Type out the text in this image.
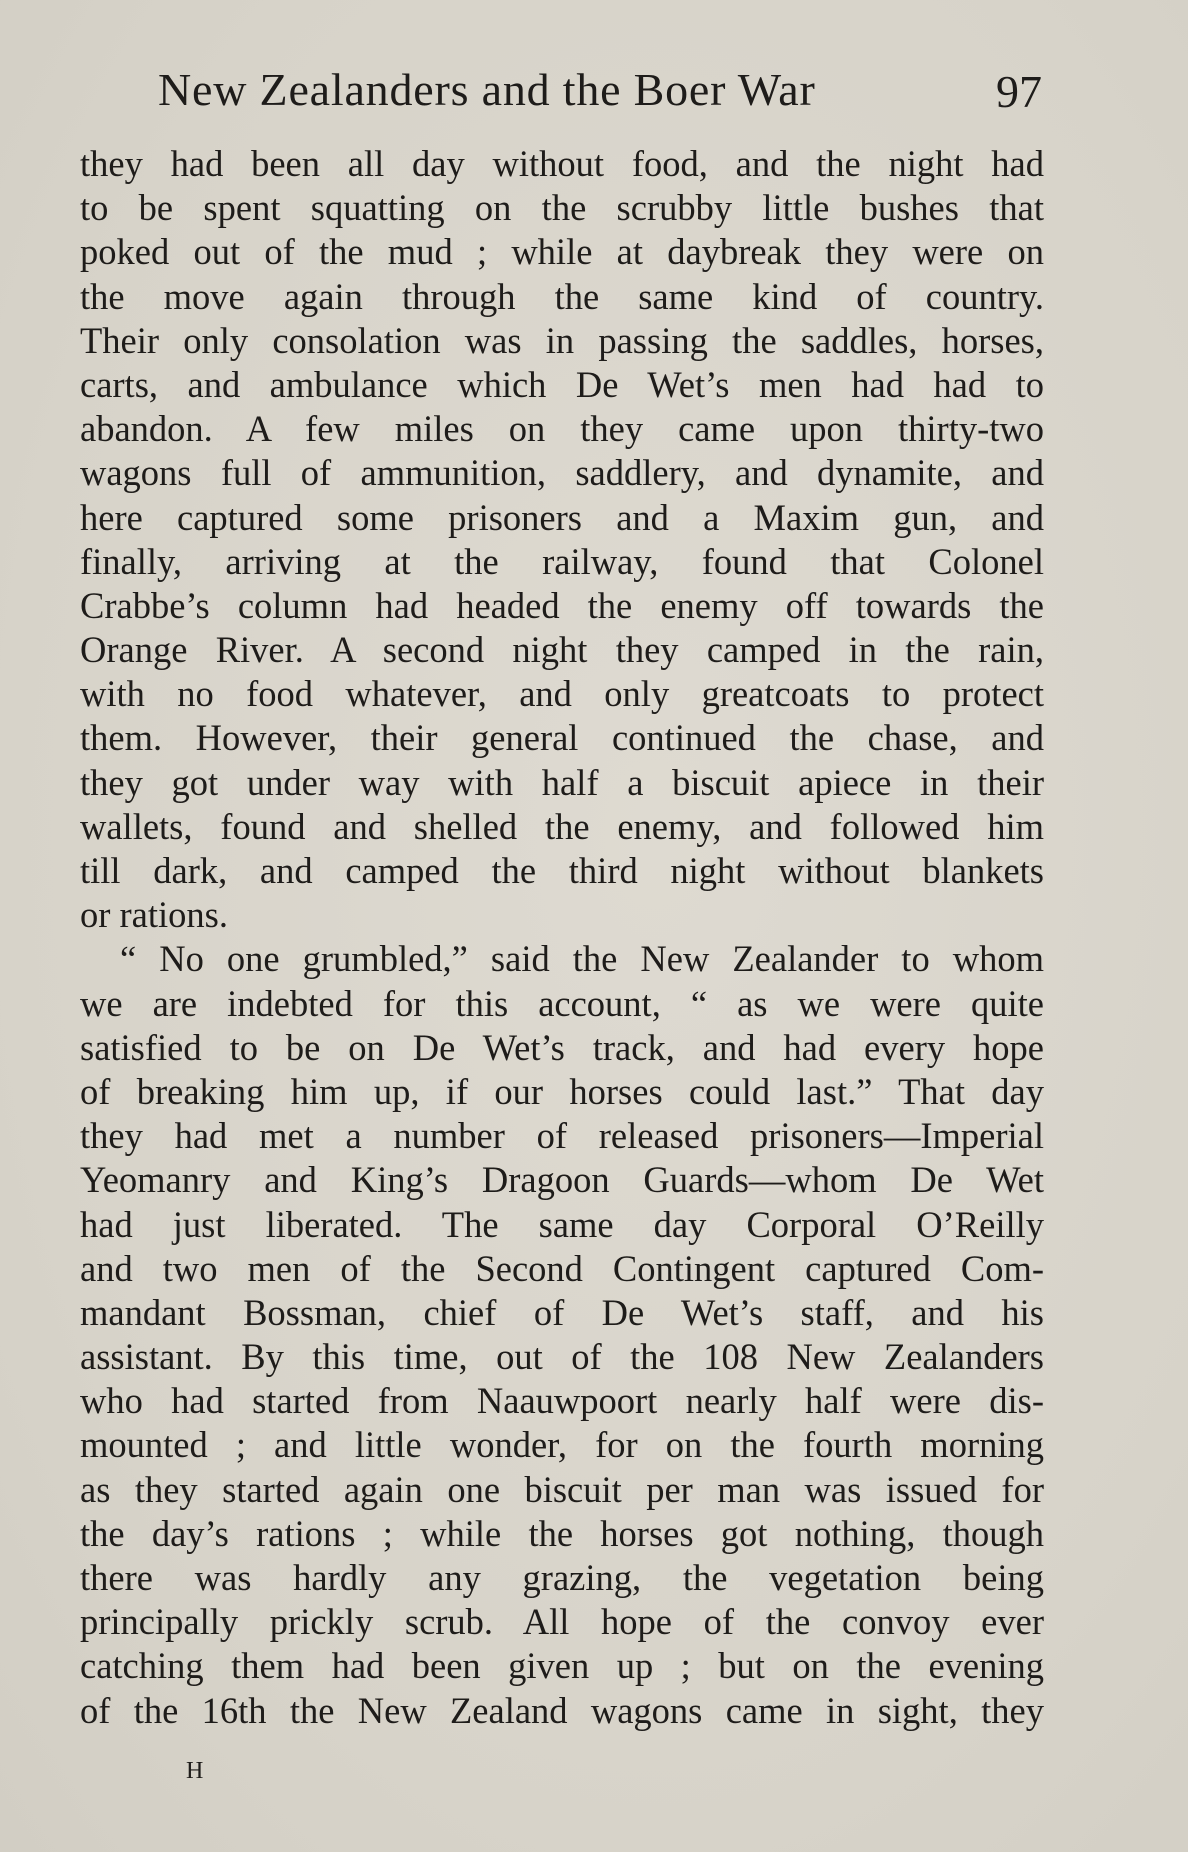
New Zealanders and the Boer War	97
they had been all day without food, and the night had
to be spent squatting on the scrubby little bushes that
poked out of the mud ; while at daybreak they were on
the move again through the same kind of country.
Their only consolation was in passing the saddles, horses,
carts, and ambulance which De Wet’s men had had to
abandon. A few miles on they came upon thirty-two
wagons full of ammunition, saddlery, and dynamite, and
here captured some prisoners and a Maxim gun, and
finally, arriving at the railway, found that Colonel
Crabbe’s column had headed the enemy off towards the
Orange River. A second night they camped in the rain,
with no food whatever, and only greatcoats to protect
them. However, their general continued the chase, and
they got under way with half a biscuit apiece in their
wallets, found and shelled the enemy, and followed him
till dark, and camped the third night without blankets
or rations.
“ No one grumbled,” said the New Zealander to whom
we are indebted for this account, “ as we were quite
satisfied to be on De Wet’s track, and had every hope
of breaking him up, if our horses could last.” That day
they had met a number of released prisoners—Imperial
Yeomanry and King’s Dragoon Guards—whom De Wet
had just liberated. The same day Corporal O’Reilly
and two men of the Second Contingent captured Com-
mandant Bossman, chief of De Wet’s staff, and his
assistant. By this time, out of the 108 New Zealanders
who had started from Naauwpoort nearly half were dis-
mounted ; and little wonder, for on the fourth morning
as they started again one biscuit per man was issued for
the day’s rations ; while the horses got nothing, though
there was hardly any grazing, the vegetation being
principally prickly scrub. All hope of the convoy ever
catching them had been given up ; but on the evening
of the 16th the New Zealand wagons came in sight, they
H
